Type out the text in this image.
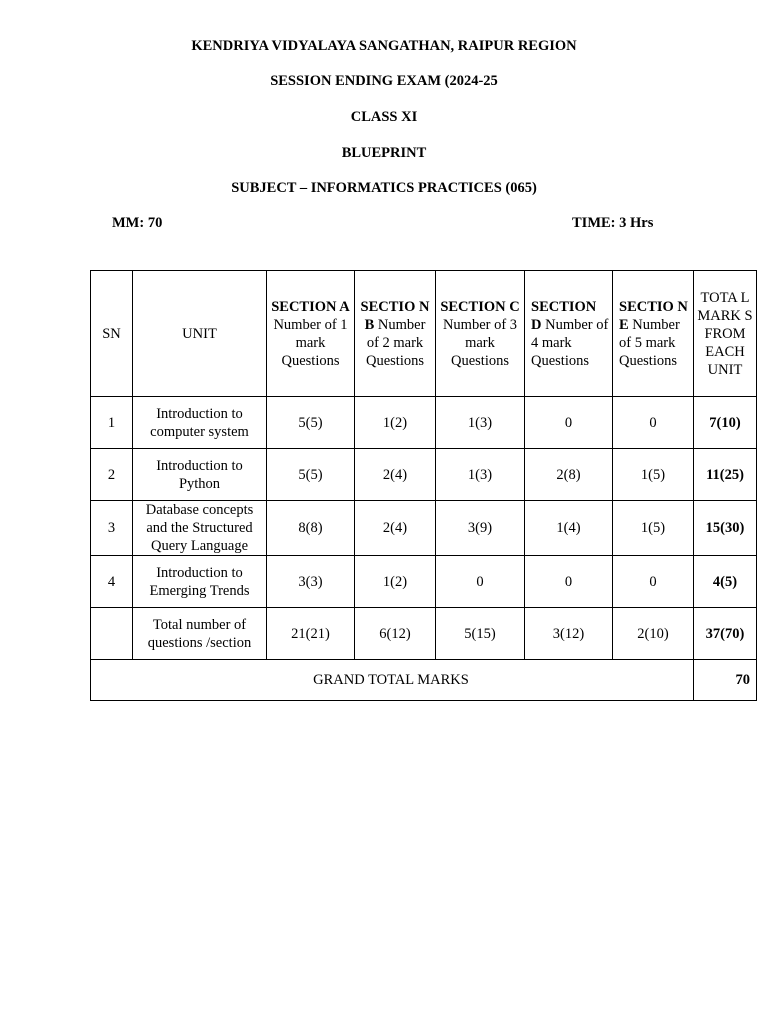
KENDRIYA VIDYALAYA SANGATHAN, RAIPUR REGION

SESSION ENDING EXAM (2024-25

CLASS XI

BLUEPRINT

SUBJECT – INFORMATICS PRACTICES (065)

MM: 70	TIME: 3 Hrs
SN	UNIT	SECTION A Number of 1 mark Questions	SECTIO N B Number of 2 mark Questions	SECTION C Number of 3 mark Questions	SECTION D Number of 4 mark Questions	SECTIO N E Number of 5 mark Questions	TOTA L MARK S FROM EACH UNIT
1	Introduction to computer system	5(5)	1(2)	1(3)	0	0	7(10)
2	Introduction to Python	5(5)	2(4)	1(3)	2(8)	1(5)	11(25)
3	Database concepts and the Structured Query Language	8(8)	2(4)	3(9)	1(4)	1(5)	15(30)
4	Introduction to Emerging Trends	3(3)	1(2)	0	0	0	4(5)
	Total number of questions /section	21(21)	6(12)	5(15)	3(12)	2(10)	37(70)
GRAND TOTAL MARKS							70
